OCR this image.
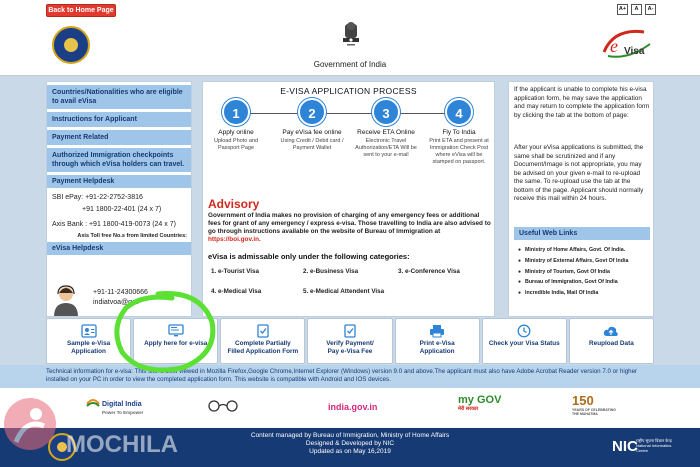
Back to Home Page	A+	A	A-
Government of India
e Visa
Countries/Nationalities who are eligible to avail eVisa
Instructions for Applicant
Payment Related
Authorized Immigration checkpoints through which eVisa holders can travel.
Payment Helpdesk
SBI ePay: +91-22-2752-3816
+91 1800-22-401 (24 x 7)
Axis Bank : +91 1800-419-0073 (24 x 7)
Axis Toll free No.s from limited Countries:
eVisa Helpdesk
+91-11-24300666
indiatvoa@gov
E-VISA APPLICATION PROCESS
1
Apply online
Upload Photo and Passport Page
2
Pay eVisa fee online
Using Credit / Debit card / Payment Wallet
3
Receive ETA Online
Electronic Travel Authorization/ETA Will be sent to your e-mail
4
Fly To India
Print ETA and present at Immigration Check Post where eVisa will be stamped on passport.
Advisory
Government of India makes no provision of charging of any emergency fees or additional fees for grant of any emergency / express e-visa. Those travelling to India are also advised to go through instructions available on the website of Bureau of Immigration at https://boi.gov.in.
eVisa is admissable only under the following categories:
1. e-Tourist Visa	2. e-Business Visa	3. e-Conference Visa
4. e-Medical Visa	5. e-Medical Attendent Visa
If the applicant is unable to complete his e-visa application form, he may save the application and may return to complete the application form by clicking the tab at the bottom of page:
After your eVisa applications is submitted, the same shall be scrutinized and if any Document/Image is not appropriate, you may be advised on your given e-mail to re-upload the same. To re-upload use the tab at the bottom of the page. Applicant should normally receive this mail within 24 hours.
Useful Web Links
● Ministry of Home Affairs, Govt. Of India.
● Ministry of External Affairs, Govt Of India
● Ministry of Tourism, Govt Of India
● Bureau of Immigration, Govt Of India
● Incredible India, Mail Of India
Sample e-Visa
Application
Apply here for e-visa	Complete Partially
Filled Application Form
Verify Payment/
Pay e-Visa Fee
Print e-Visa
Application
Check your Visa Status	Reupload Data
Technical information for e-visa: This site is best viewed in Mozilla Firefox,Google Chrome,Internet Explorer (Windows) version 9.0 and above.The applicant must also have Adobe Acrobat Reader version 7.0 or higher installed on your PC in order to view the completed application form. This website is compatible with Android and IOS devices.
Digital India
Power To Empower
india.gov.in
my GOV
मेरी सरकार
150
YEARS OF CELEBRATING THE MAHATMA
Content managed by Bureau of Immigration, Ministry of Home Affairs
Designed & Developed by NIC
Updated as on May 16,2019	NIC
राष्ट्रीय सूचना विज्ञान केन्द्र National Informatics Centre
MOCHILA
